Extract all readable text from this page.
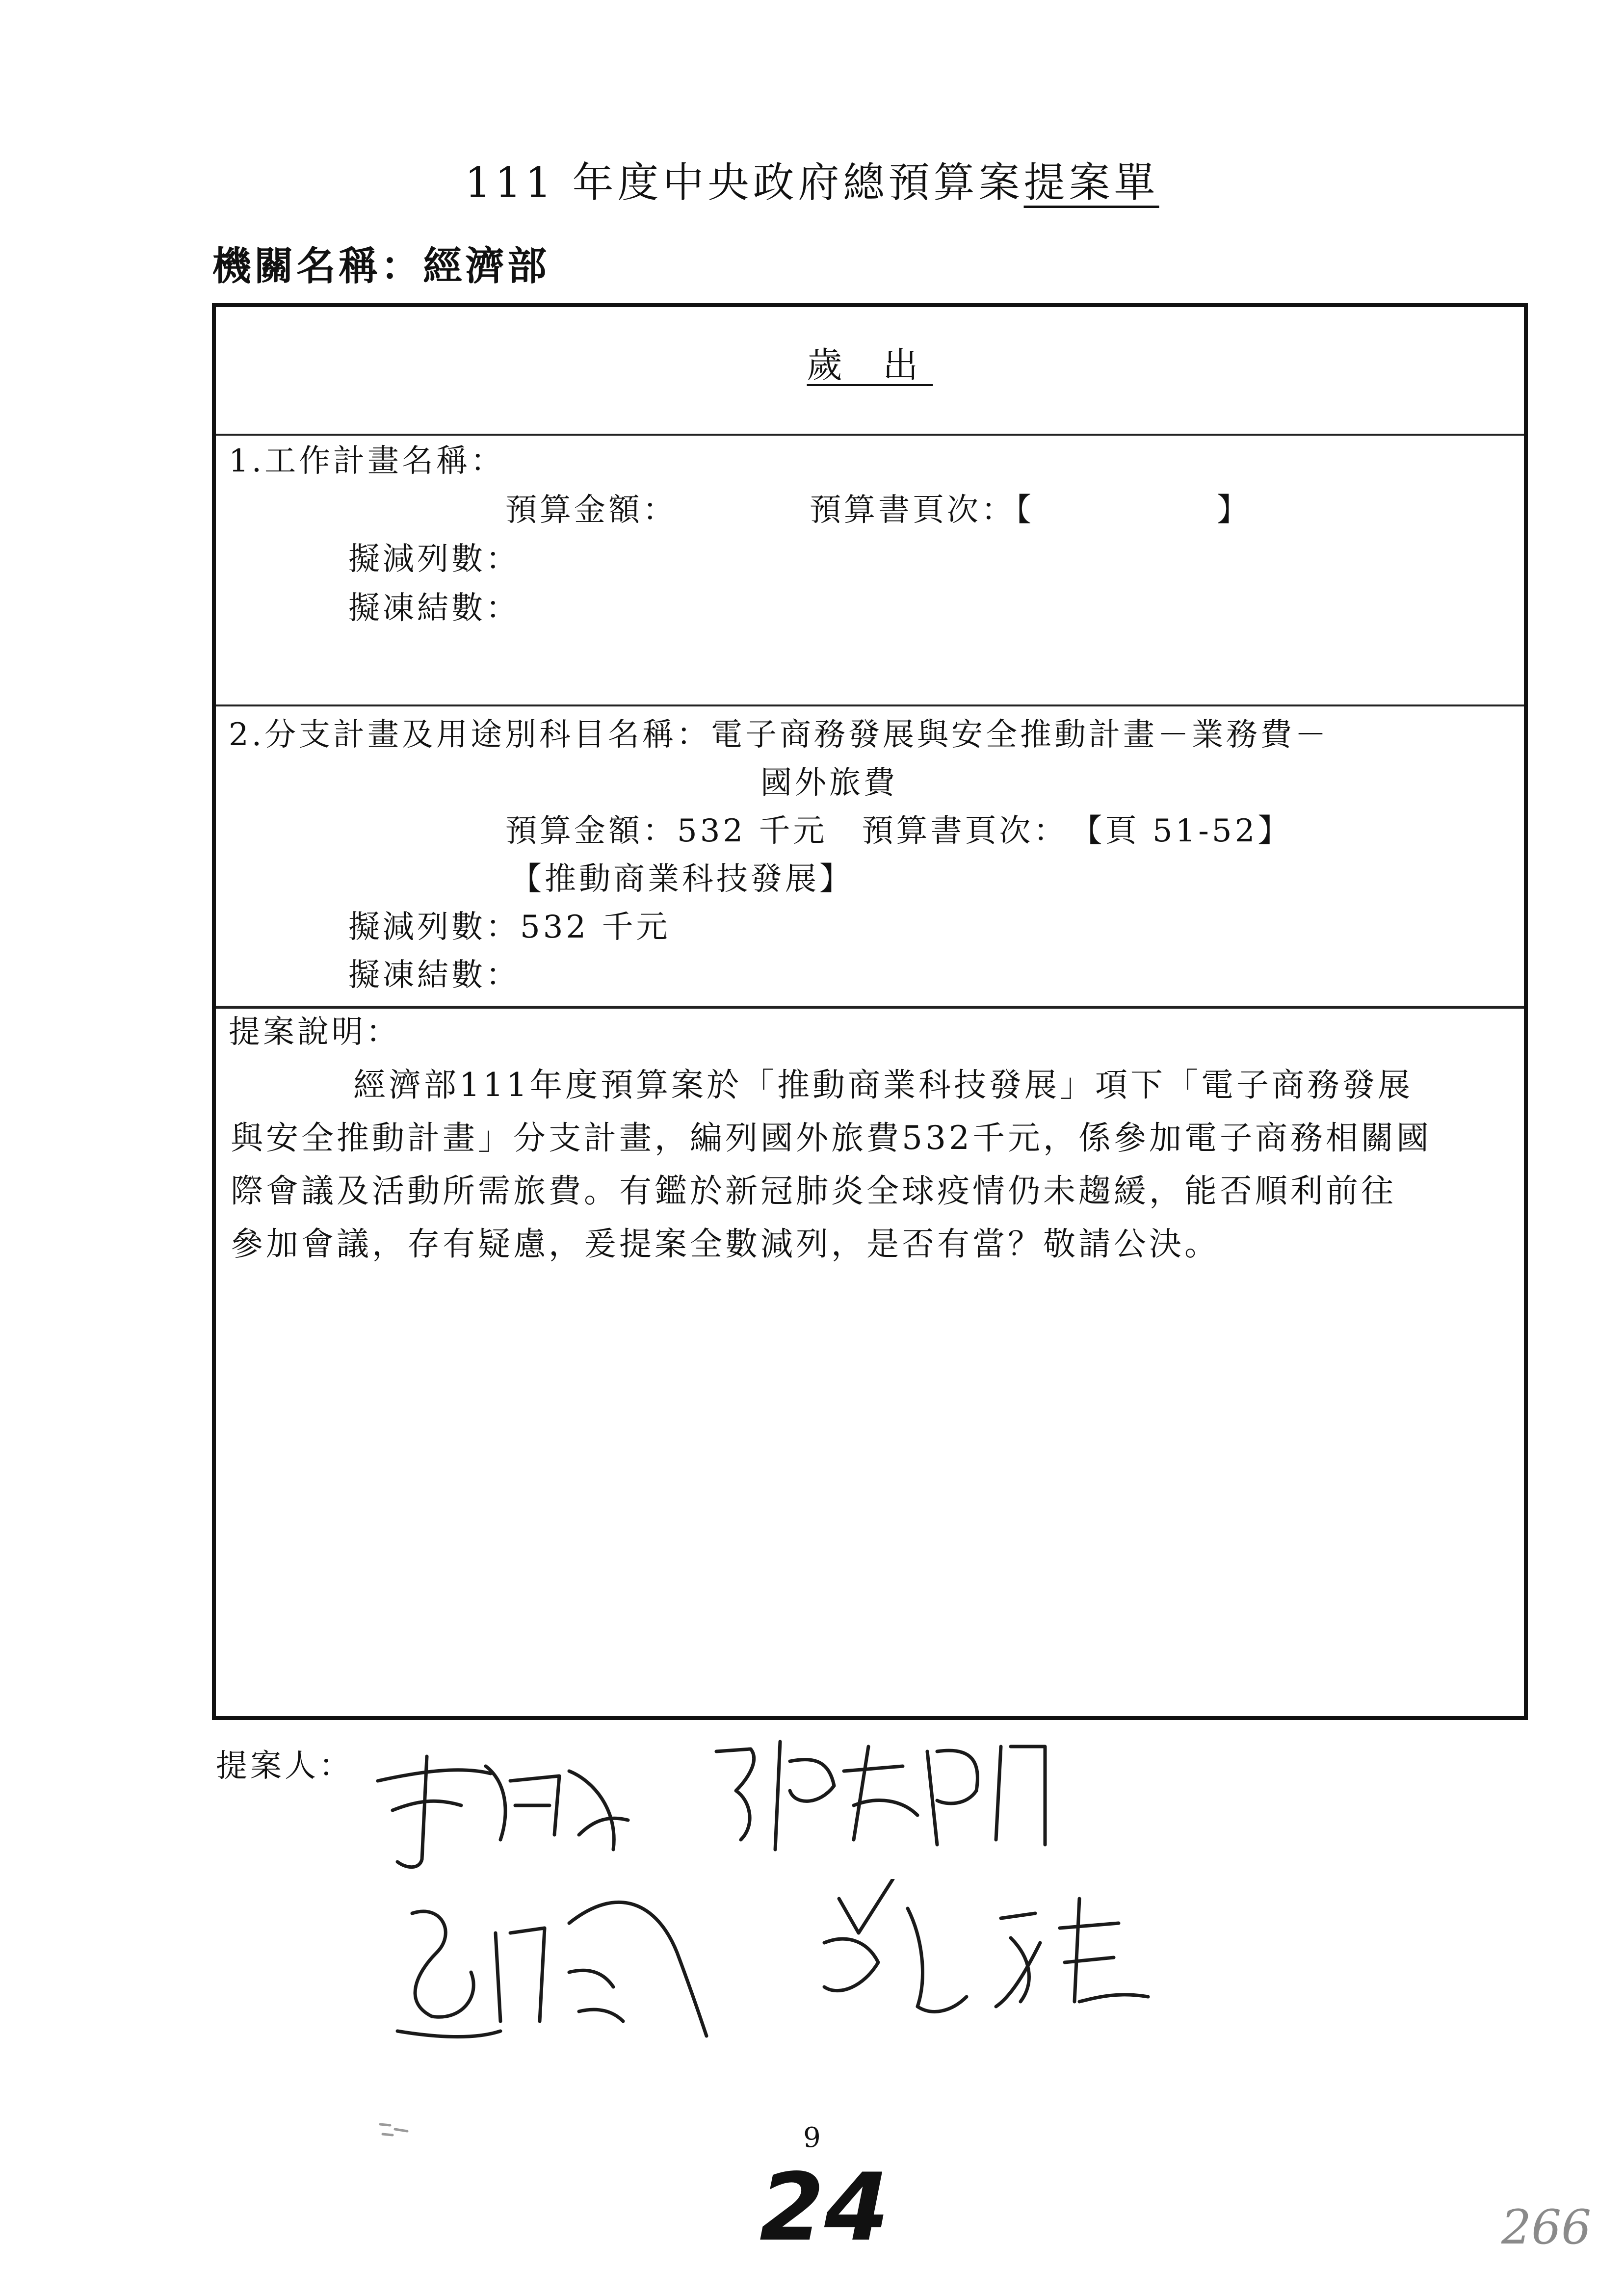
111 年度中央政府總預算案提案單
機關名稱：經濟部
歲 出
1.工作計畫名稱：
預算金額：	預算書頁次：【	】
擬減列數：
擬凍結數：
2.分支計畫及用途別科目名稱：電子商務發展與安全推動計畫－業務費－
國外旅費
預算金額：532 千元　預算書頁次：　【頁 51-52】
【推動商業科技發展】
擬減列數：532 千元
擬凍結數：
提案說明：
經濟部111年度預算案於「推動商業科技發展」項下「電子商務發展
與安全推動計畫」分支計畫，編列國外旅費532千元，係參加電子商務相關國
際會議及活動所需旅費。有鑑於新冠肺炎全球疫情仍未趨緩，能否順利前往
參加會議，存有疑慮，爰提案全數減列，是否有當？敬請公決。
提案人：
9
24	266
